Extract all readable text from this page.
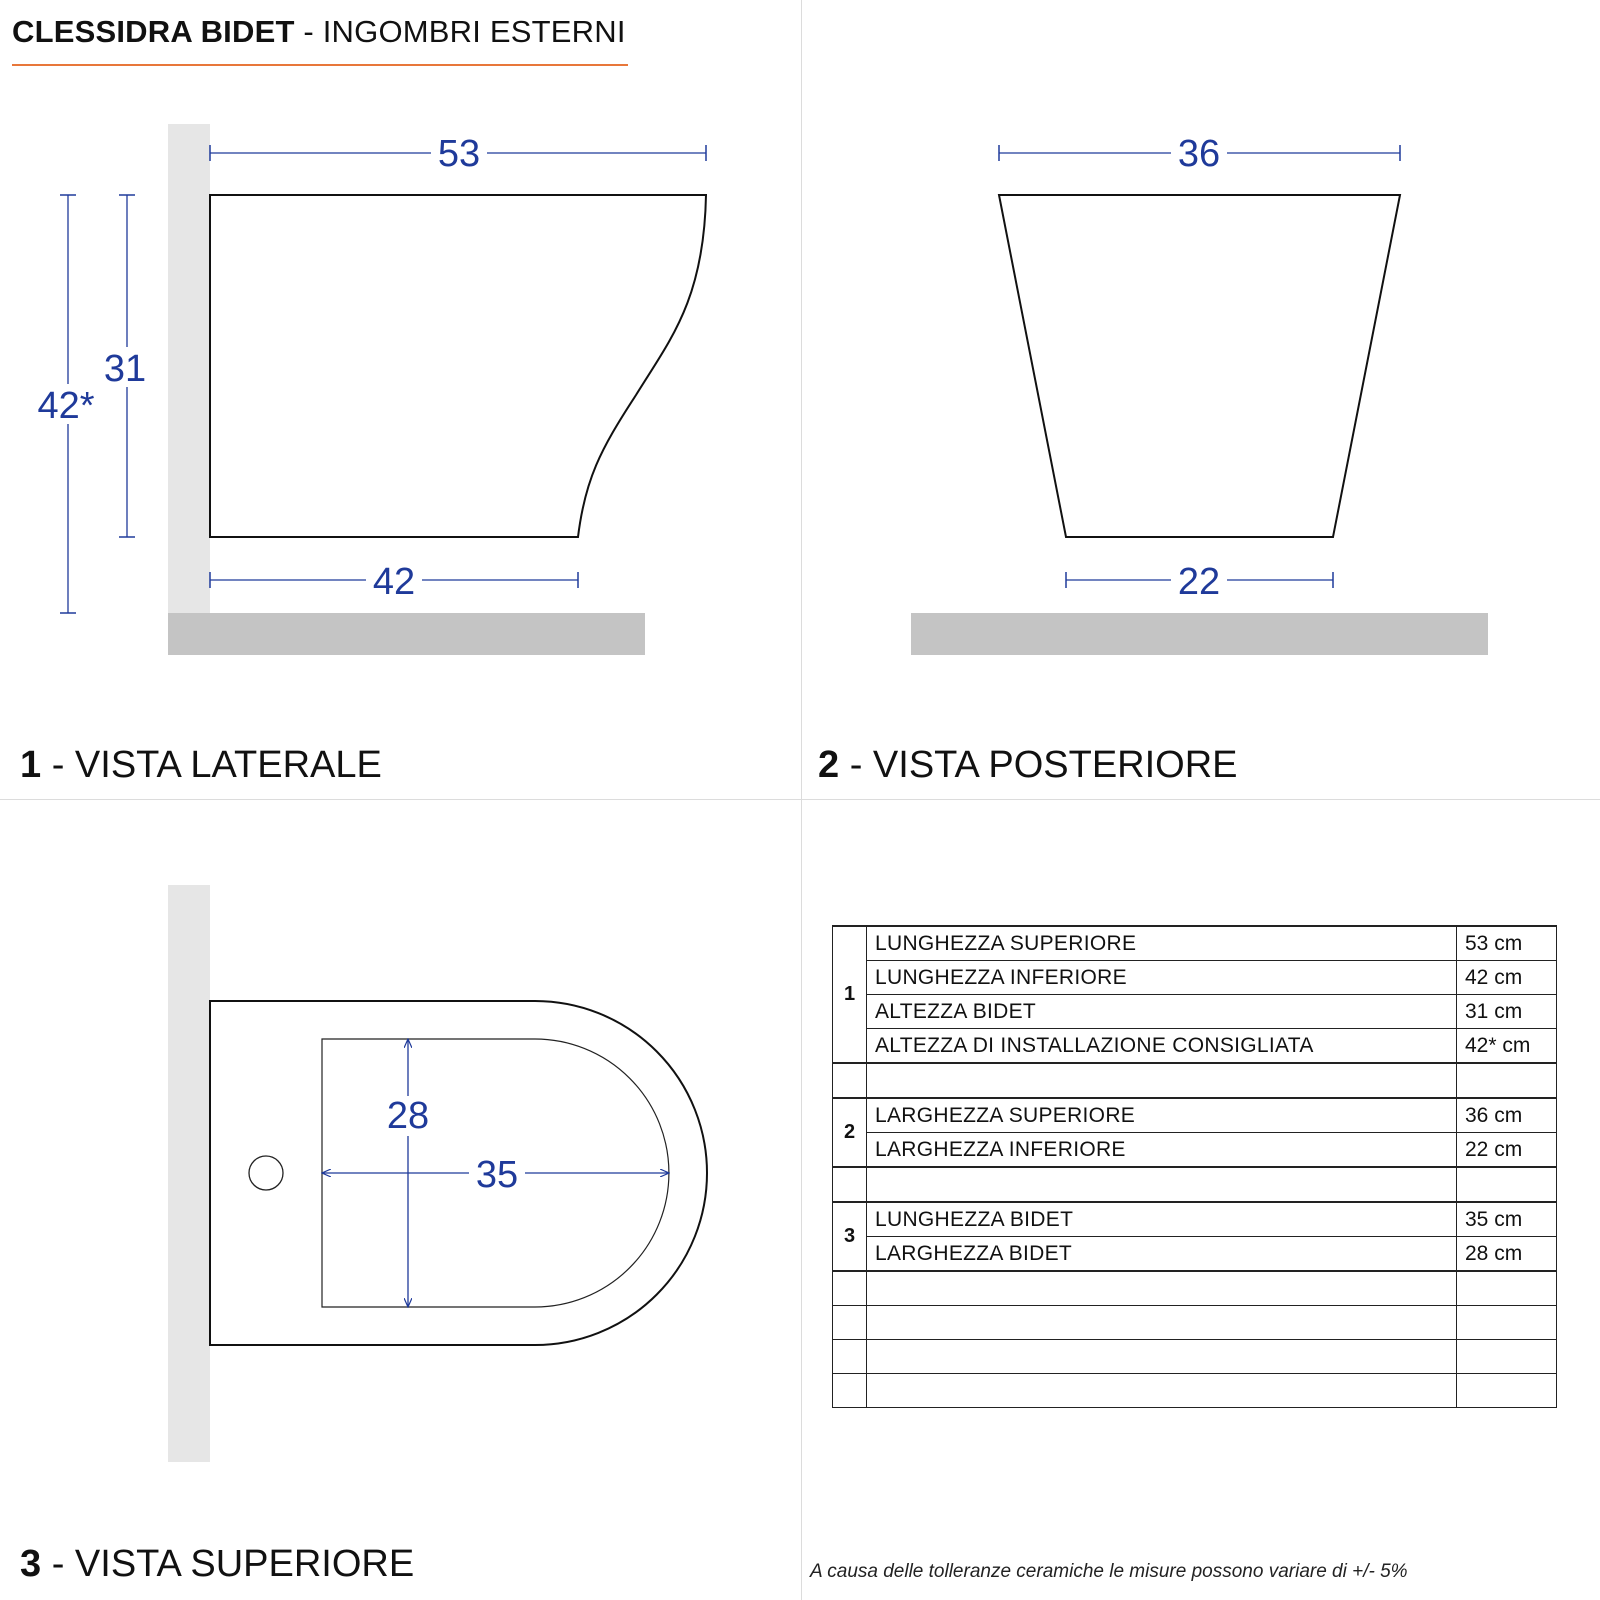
CLESSIDRA BIDET - INGOMBRI ESTERNI
53
42
31
42*
36
22
28
35
1 - VISTA LATERALE	2 - VISTA POSTERIORE
3 - VISTA SUPERIORE
1	LUNGHEZZA SUPERIORE	53 cm
	LUNGHEZZA INFERIORE	42 cm
	ALTEZZA BIDET	31 cm
	ALTEZZA DI INSTALLAZIONE CONSIGLIATA	42* cm

2	LARGHEZZA SUPERIORE	36 cm
	LARGHEZZA INFERIORE	22 cm

3	LUNGHEZZA BIDET	35 cm
	LARGHEZZA BIDET	28 cm

A causa delle tolleranze ceramiche le misure possono variare di +/- 5%
